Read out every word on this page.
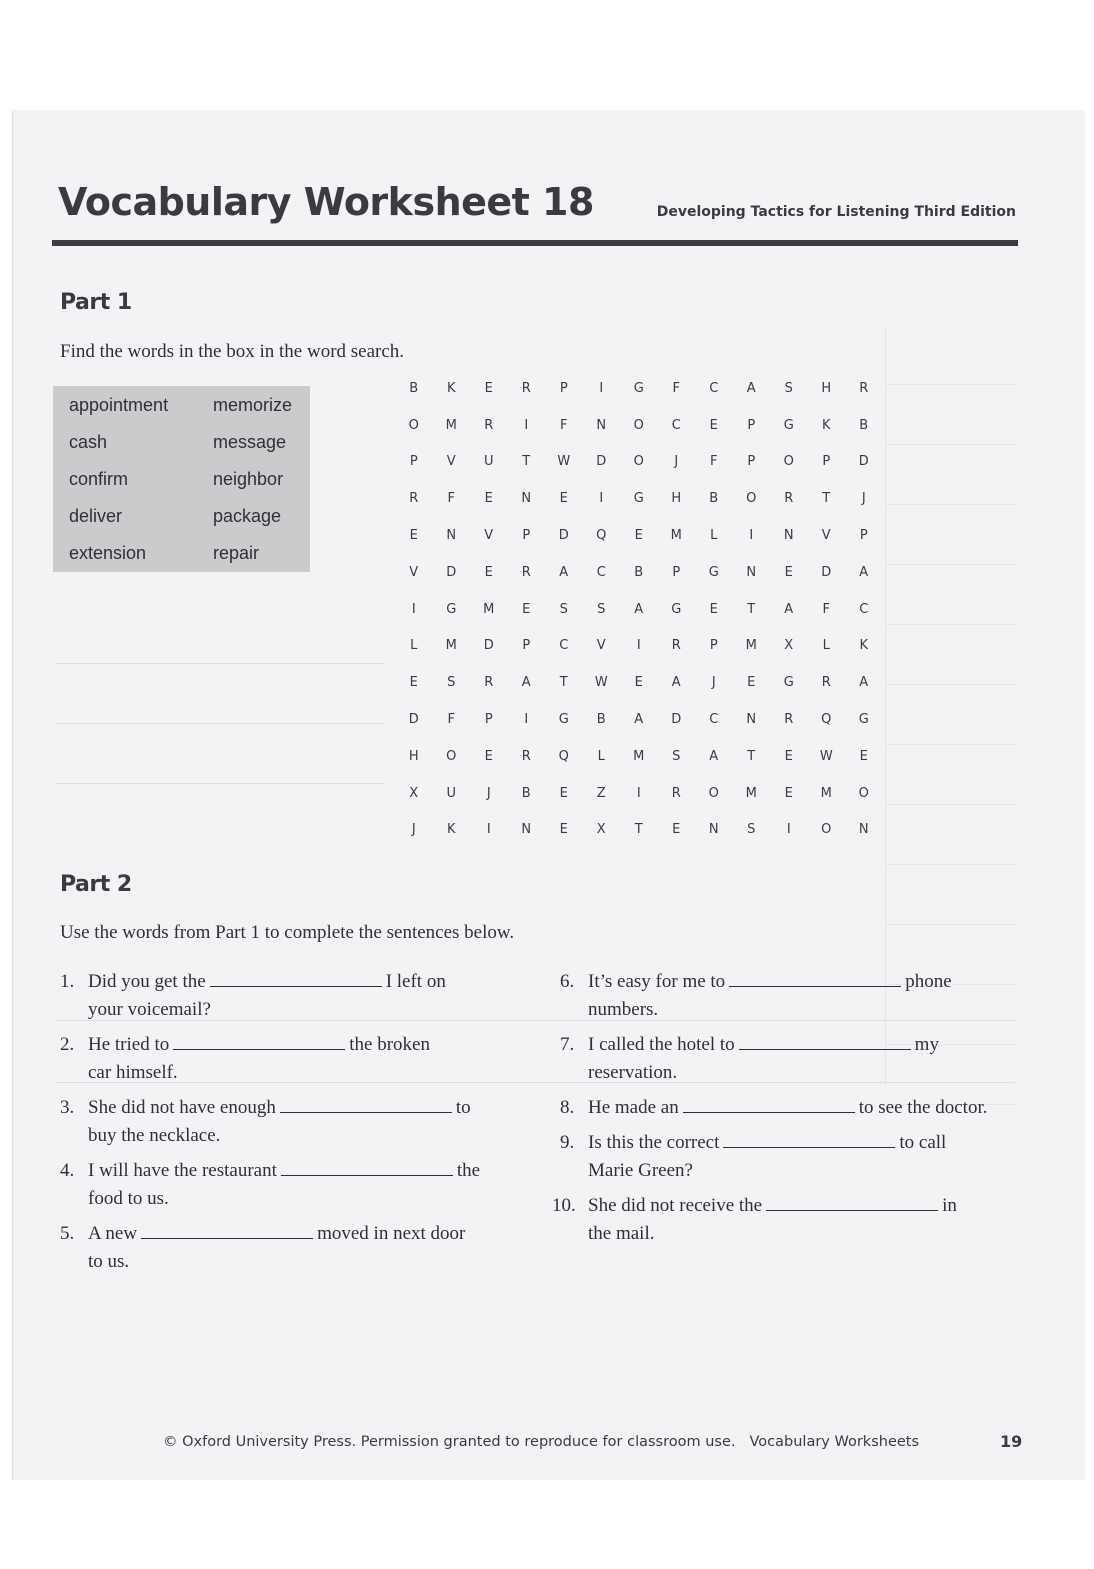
Vocabulary Worksheet 18	Developing Tactics for Listening Third Edition
Part 1
Find the words in the box in the word search.
appointment	memorize
cash	message
confirm	neighbor
deliver	package
extension	repair
B	K	E	R	P	I	G	F	C	A	S	H	R
O	M	R	I	F	N	O	C	E	P	G	K	B
P	V	U	T	W	D	O	J	F	P	O	P	D
R	F	E	N	E	I	G	H	B	O	R	T	J
E	N	V	P	D	Q	E	M	L	I	N	V	P
V	D	E	R	A	C	B	P	G	N	E	D	A
I	G	M	E	S	S	A	G	E	T	A	F	C
L	M	D	P	C	V	I	R	P	M	X	L	K
E	S	R	A	T	W	E	A	J	E	G	R	A
D	F	P	I	G	B	A	D	C	N	R	Q	G
H	O	E	R	Q	L	M	S	A	T	E	W	E
X	U	J	B	E	Z	I	R	O	M	E	M	O
J	K	I	N	E	X	T	E	N	S	I	O	N
Part 2
Use the words from Part 1 to complete the sentences below.
1. Did you get the	I left on
your voicemail?
2. He tried to	the broken
car himself.
3. She did not have enough	to
buy the necklace.
4. I will have the restaurant	the
food to us.
5. A new	moved in next door
to us.
6. It’s easy for me to	phone
numbers.
7. I called the hotel to	my
reservation.
8. He made an	to see the doctor.
9. Is this the correct	to call
Marie Green?
10. She did not receive the	in
the mail.
© Oxford University Press. Permission granted to reproduce for classroom use. Vocabulary Worksheets	19
